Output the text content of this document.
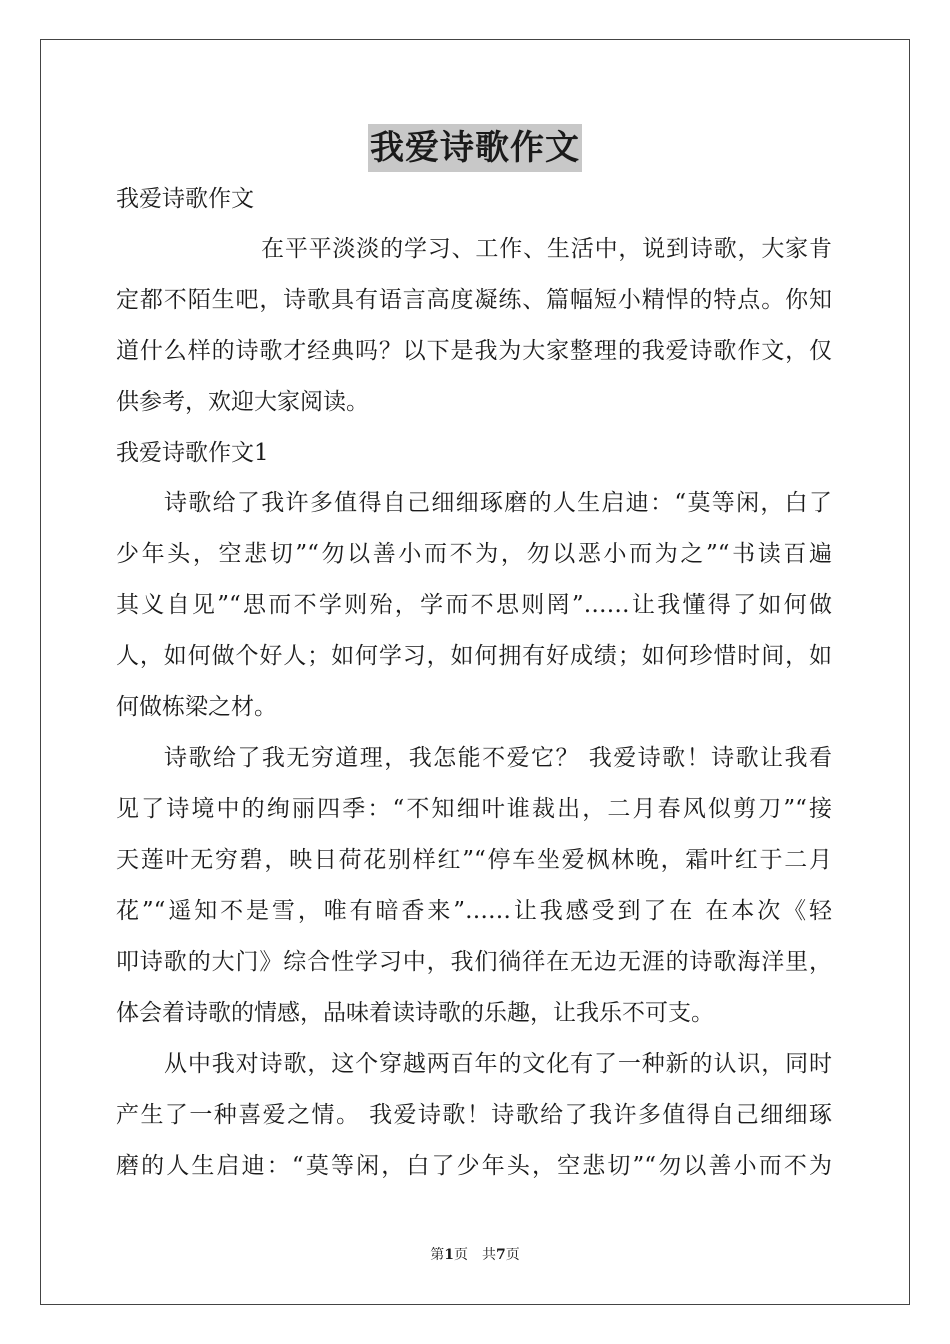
我爱诗歌作文
我爱诗歌作文
在平平淡淡的学习、工作、生活中，说到诗歌，大家肯
定都不陌生吧，诗歌具有语言高度凝练、篇幅短小精悍的特点。你知
道什么样的诗歌才经典吗？以下是我为大家整理的我爱诗歌作文，仅
供参考，欢迎大家阅读。
我爱诗歌作文1
诗歌给了我许多值得自己细细琢磨的人生启迪：“莫等闲，白了
少年头，空悲切”“勿以善小而不为，勿以恶小而为之”“书读百遍
其义自见”“思而不学则殆，学而不思则罔”……让我懂得了如何做
人，如何做个好人；如何学习，如何拥有好成绩；如何珍惜时间，如
何做栋梁之材。
诗歌给了我无穷道理，我怎能不爱它？ 我爱诗歌！诗歌让我看
见了诗境中的绚丽四季：“不知细叶谁裁出，二月春风似剪刀”“接
天莲叶无穷碧，映日荷花别样红”“停车坐爱枫林晚，霜叶红于二月
花”“遥知不是雪，唯有暗香来”……让我感受到了在 在本次《轻
叩诗歌的大门》综合性学习中，我们徜徉在无边无涯的诗歌海洋里，
体会着诗歌的情感，品味着读诗歌的乐趣，让我乐不可支。
从中我对诗歌，这个穿越两百年的文化有了一种新的认识，同时
产生了一种喜爱之情。 我爱诗歌！诗歌给了我许多值得自己细细琢
磨的人生启迪：“莫等闲，白了少年头，空悲切”“勿以善小而不为
第1页　共7页
